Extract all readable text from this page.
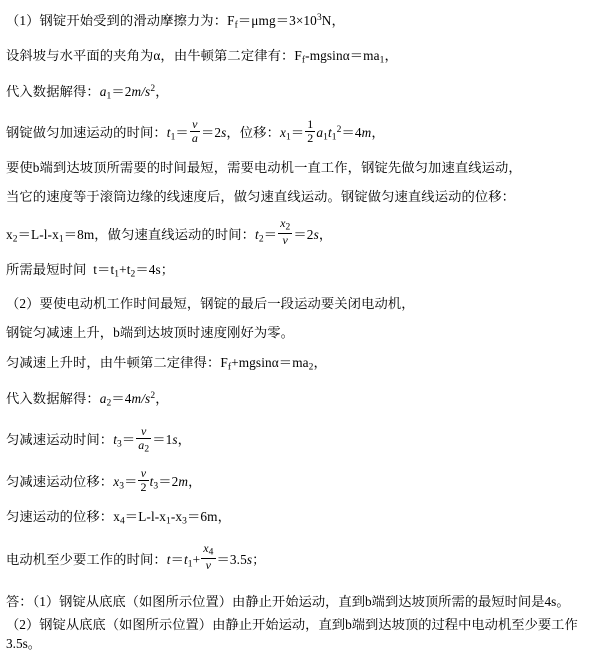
（1）钢锭开始受到的滑动摩擦力为：$F_f=\mu mg=3\times 10^3N$，

设斜坡与水平面的夹角为α，由牛顿第二定律有：$F_f-mgsin\alpha=ma_1$，

代入数据解得：$a_1=2m/s^2$，

钢锭做匀加速运动的时间：$t_1= \frac{v}{a} =2s$，位移：$x_1= \frac{1}{2} a_1t_1^2=4m$，

要使b端到达坡顶所需要的时间最短，需要电动机一直工作，钢锭先做匀加速直线运动，

当它的速度等于滚筒边缘的线速度后，做匀速直线运动。钢锭做匀速直线运动的位移：

$x_2=L-l-x_1=8m$，做匀速直线运动的时间：$t_2= \frac{x_2}{v} =2s$，

所需最短时间 $t=t_1+t_2=4s$；

（2）要使电动机工作时间最短，钢锭的最后一段运动要关闭电动机，

钢锭匀减速上升，b端到达坡顶时速度刚好为零。

匀减速上升时，由牛顿第二定律得：$F_f+mgsin\alpha=ma_2$，

代入数据解得：$a_2=4m/s^2$，

匀减速运动时间：$t_3= \frac{v}{a_2} =1s$，

匀减速运动位移：$x_3= \frac{v}{2} t_3=2m$，

匀速运动的位移：$x_4=L-l-x_1-x_3=6m$，

电动机至少要工作的时间：$t=t_1+ \frac{x_4}{v} =3.5s$；

答：（1）钢锭从底底（如图所示位置）由静止开始运动，直到b端到达坡顶所需的最短时间是4s。

（2）钢锭从底底（如图所示位置）由静止开始运动，直到b端到达坡顶的过程中电动机至少要工作3.5s。
